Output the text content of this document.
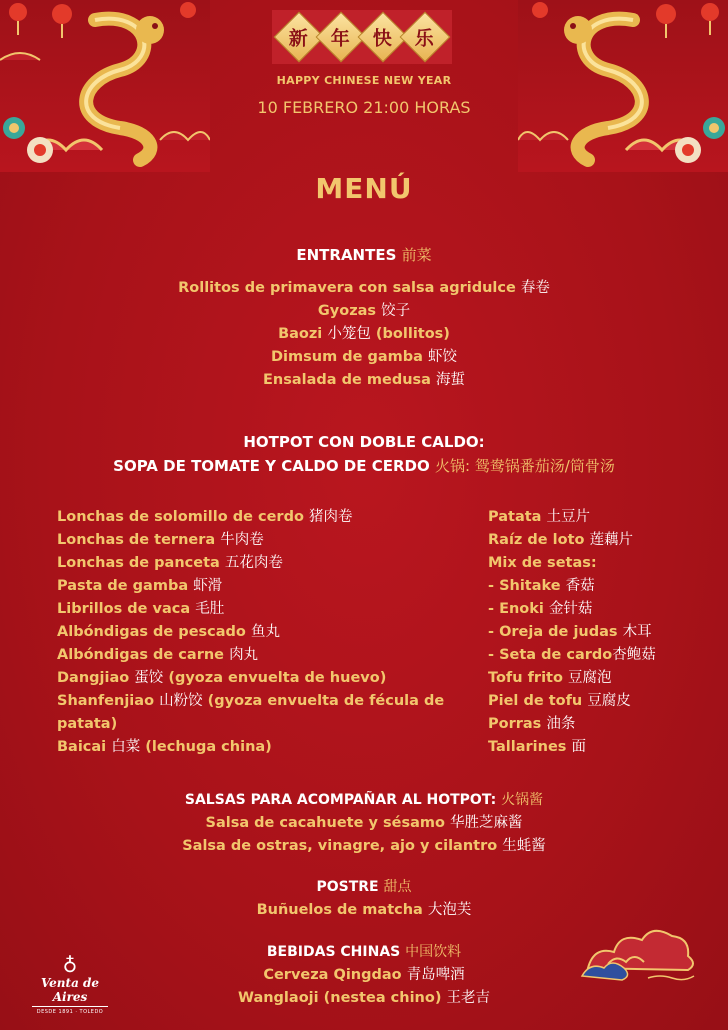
新 年 快 乐
HAPPY CHINESE NEW YEAR
10 FEBRERO 21:00 HORAS
MENÚ
ENTRANTES 前菜
Rollitos de primavera con salsa agridulce 春卷
Gyozas 饺子
Baozi 小笼包 (bollitos)
Dimsum de gamba 虾饺
Ensalada de medusa 海蜇
HOTPOT CON DOBLE CALDO:
SOPA DE TOMATE Y CALDO DE CERDO 火锅: 鸳鸯锅番茄汤/筒骨汤
Lonchas de solomillo de cerdo 猪肉卷
Lonchas de ternera 牛肉卷
Lonchas de panceta 五花肉卷
Pasta de gamba 虾滑
Librillos de vaca 毛肚
Albóndigas de pescado 鱼丸
Albóndigas de carne 肉丸
Dangjiao 蛋饺 (gyoza envuelta de huevo)
Shanfenjiao 山粉饺 (gyoza envuelta de fécula de
patata)
Baicai 白菜 (lechuga china)
Patata 土豆片
Raíz de loto 莲藕片
Mix de setas:
- Shitake 香菇
- Enoki 金针菇
- Oreja de judas 木耳
- Seta de cardo杏鲍菇
Tofu frito 豆腐泡
Piel de tofu 豆腐皮
Porras 油条
Tallarines 面
SALSAS PARA ACOMPAÑAR AL HOTPOT: 火锅酱
Salsa de cacahuete y sésamo 华胜芝麻酱
Salsa de ostras, vinagre, ajo y cilantro 生蚝酱
POSTRE 甜点
Buñuelos de matcha 大泡芙
BEBIDAS CHINAS 中国饮料
Cerveza Qingdao 青岛啤酒
Wanglaoji (nestea chino) 王老吉
♁
Venta de Aires
DESDE 1891 · TOLEDO
